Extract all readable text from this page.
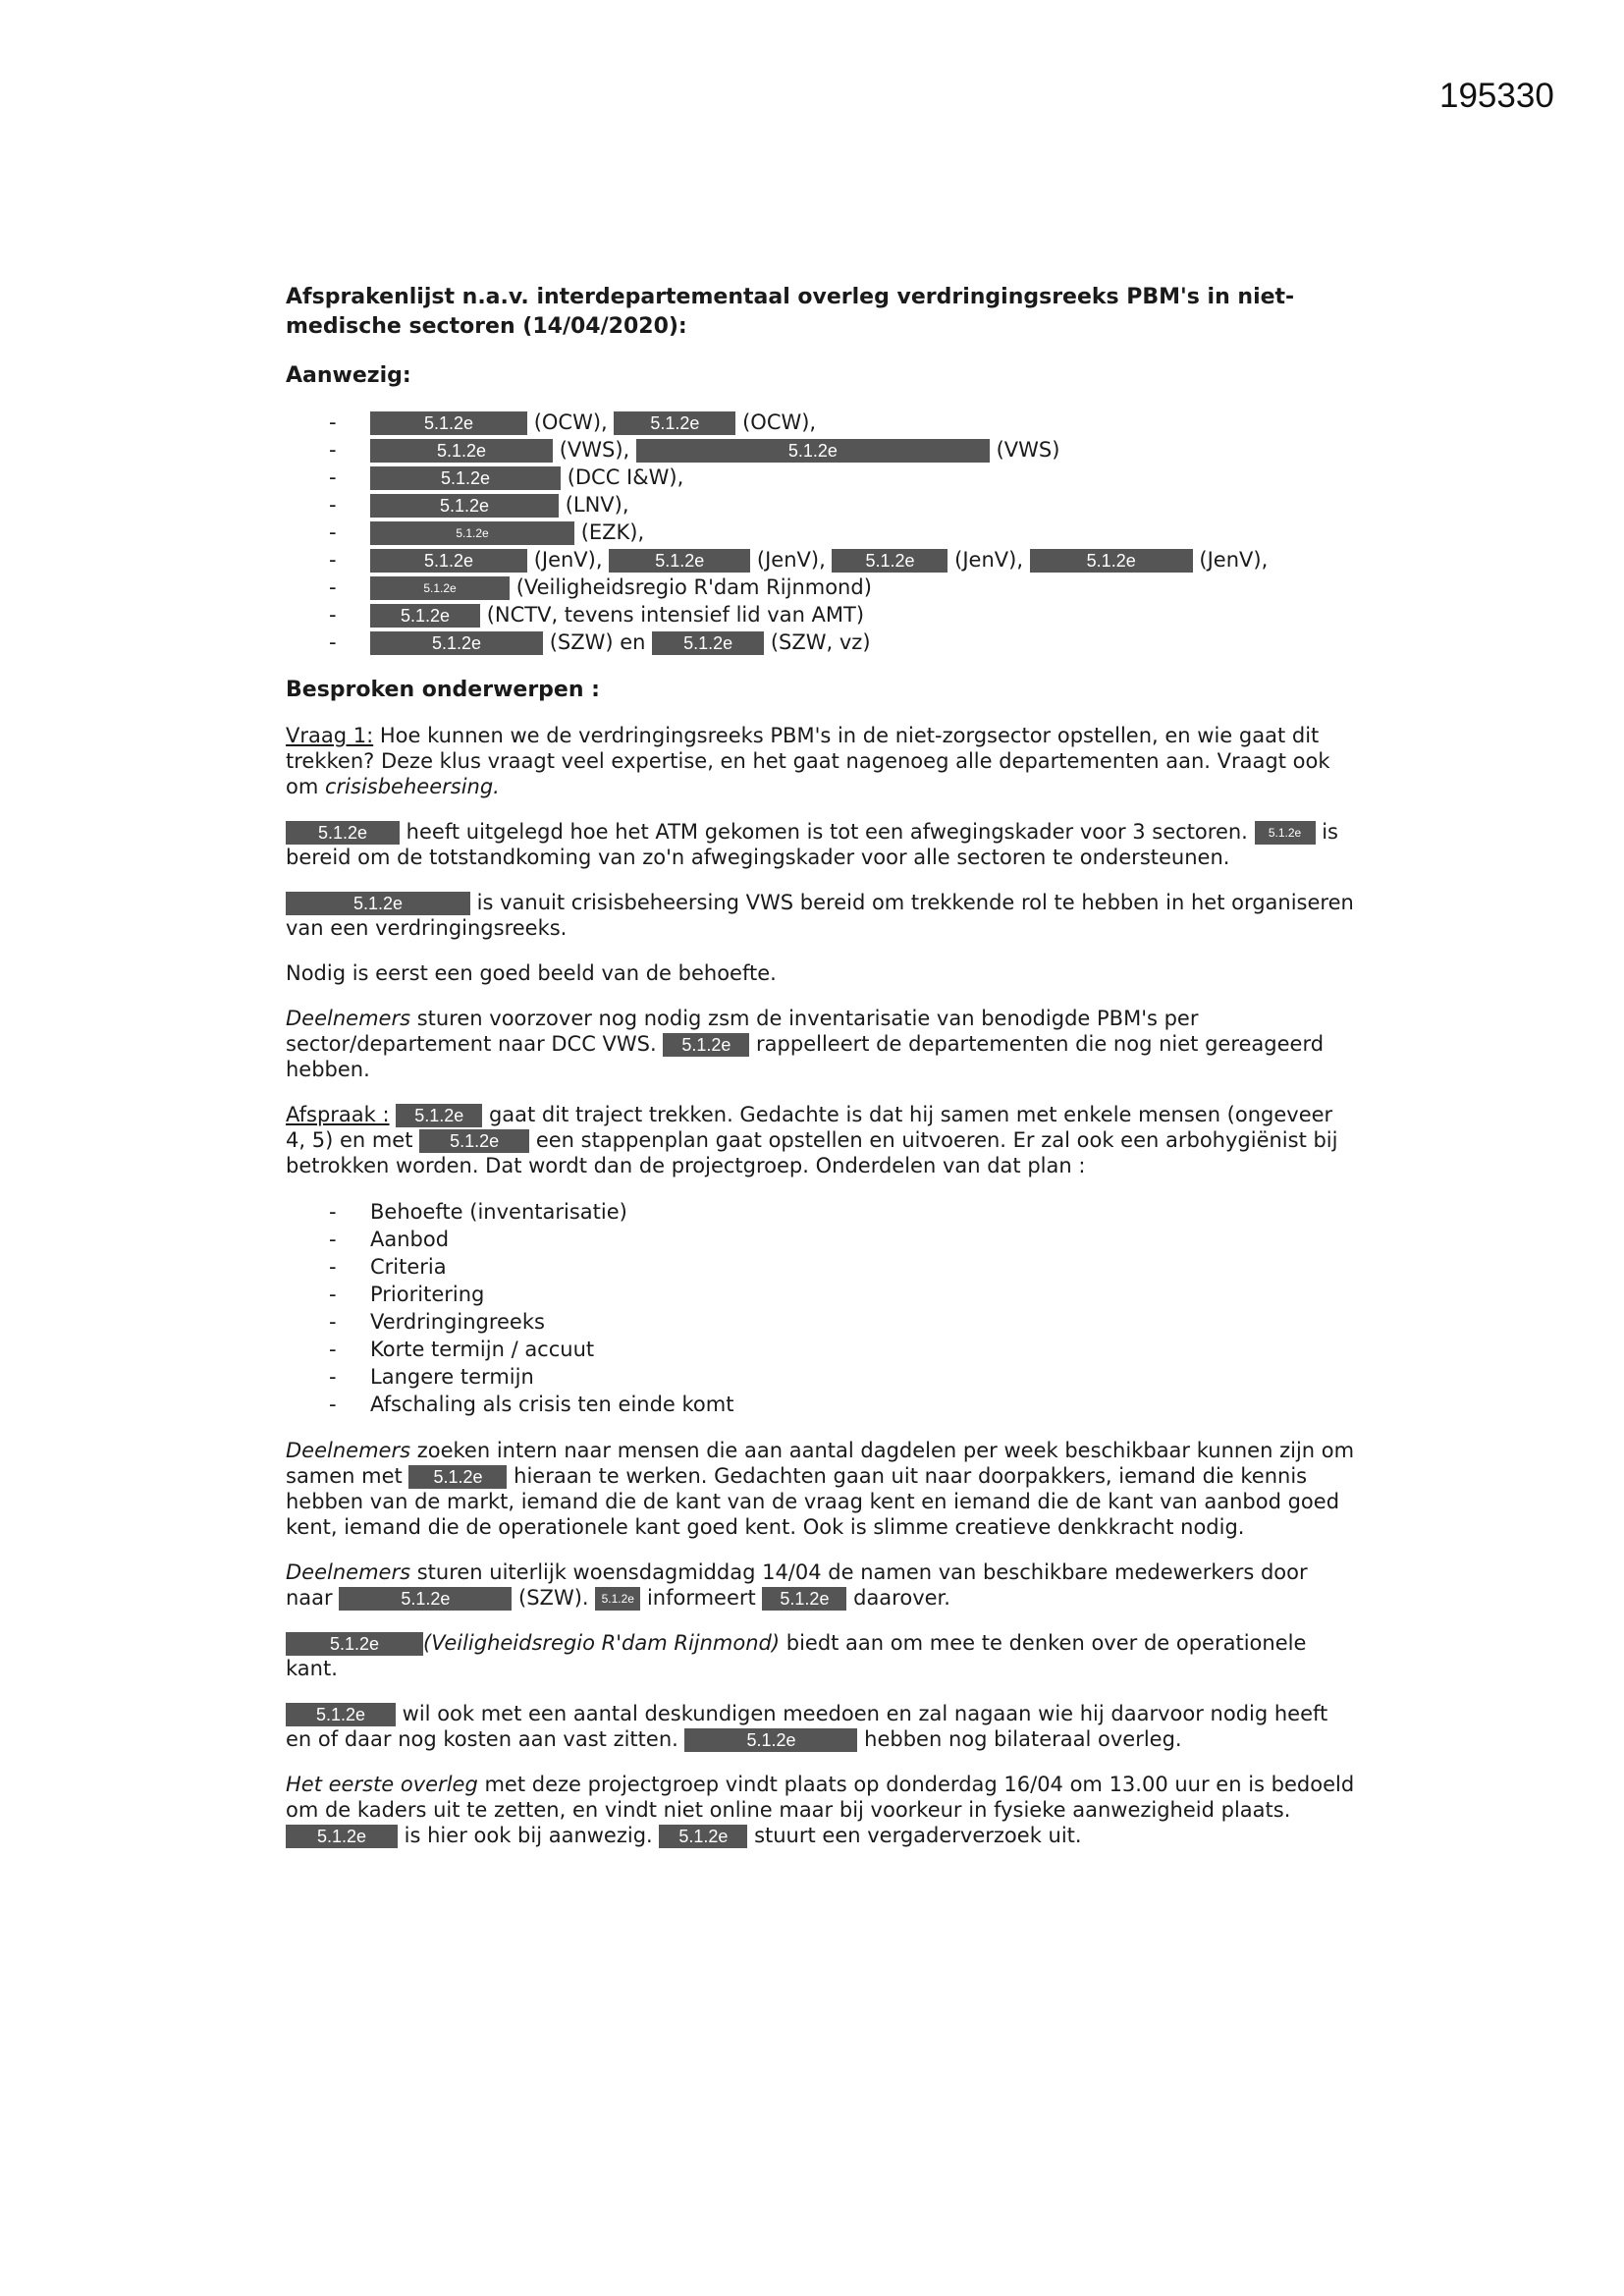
195330
Afsprakenlijst n.a.v. interdepartementaal overleg verdringingsreeks PBM's in niet-medische sectoren (14/04/2020):
Aanwezig:
- 5.1.2e	(OCW), 5.1.2e (OCW),
- 5.1.2e	(VWS),	5.1.2e	(VWS)
- 5.1.2e	(DCC I&W),
- 5.1.2e	(LNV),
- 5.1.2e	(EZK),
- 5.1.2e	(JenV),	5.1.2e	(JenV), 5.1.2e (JenV),	5.1.2e	(JenV),
- 5.1.2e	(Veiligheidsregio R'dam Rijnmond)
- 5.1.2e (NCTV, tevens intensief lid van AMT)
- 5.1.2e	(SZW) en 5.1.2e (SZW, vz)
Besproken onderwerpen :

Vraag 1: Hoe kunnen we de verdringingsreeks PBM's in de niet-zorgsector opstellen, en wie gaat dit trekken? Deze klus vraagt veel expertise, en het gaat nagenoeg alle departementen aan. Vraagt ook om crisisbeheersing.

5.1.2e heeft uitgelegd hoe het ATM gekomen is tot een afwegingskader voor 3 sectoren. 5.1.2e is bereid om de totstandkoming van zo'n afwegingskader voor alle sectoren te ondersteunen.

5.1.2e	is vanuit crisisbeheersing VWS bereid om trekkende rol te hebben in het organiseren van een verdringingsreeks.

Nodig is eerst een goed beeld van de behoefte.

Deelnemers sturen voorzover nog nodig zsm de inventarisatie van benodigde PBM's per sector/departement naar DCC VWS. 5.1.2e rappelleert de departementen die nog niet gereageerd hebben.

Afspraak : 5.1.2e gaat dit traject trekken. Gedachte is dat hij samen met enkele mensen (ongeveer 4, 5) en met 5.1.2e een stappenplan gaat opstellen en uitvoeren. Er zal ook een arbohygiënist bij betrokken worden. Dat wordt dan de projectgroep. Onderdelen van dat plan :

- Behoefte (inventarisatie)
- Aanbod
- Criteria
- Prioritering
- Verdringingreeks
- Korte termijn / accuut
- Langere termijn
- Afschaling als crisis ten einde komt

Deelnemers zoeken intern naar mensen die aan aantal dagdelen per week beschikbaar kunnen zijn om samen met 5.1.2e hieraan te werken. Gedachten gaan uit naar doorpakkers, iemand die kennis hebben van de markt, iemand die de kant van de vraag kent en iemand die de kant van aanbod goed kent, iemand die de operationele kant goed kent. Ook is slimme creatieve denkkracht nodig.

Deelnemers sturen uiterlijk woensdagmiddag 14/04 de namen van beschikbare medewerkers door naar	5.1.2e	(SZW). 5.1.2e informeert 5.1.2e daarover.

5.1.2e (Veiligheidsregio R'dam Rijnmond) biedt aan om mee te denken over de operationele kant.

5.1.2e wil ook met een aantal deskundigen meedoen en zal nagaan wie hij daarvoor nodig heeft en of daar nog kosten aan vast zitten.	5.1.2e	hebben nog bilateraal overleg.

Het eerste overleg met deze projectgroep vindt plaats op donderdag 16/04 om 13.00 uur en is bedoeld om de kaders uit te zetten, en vindt niet online maar bij voorkeur in fysieke aanwezigheid plaats. 5.1.2e is hier ook bij aanwezig. 5.1.2e stuurt een vergaderverzoek uit.
